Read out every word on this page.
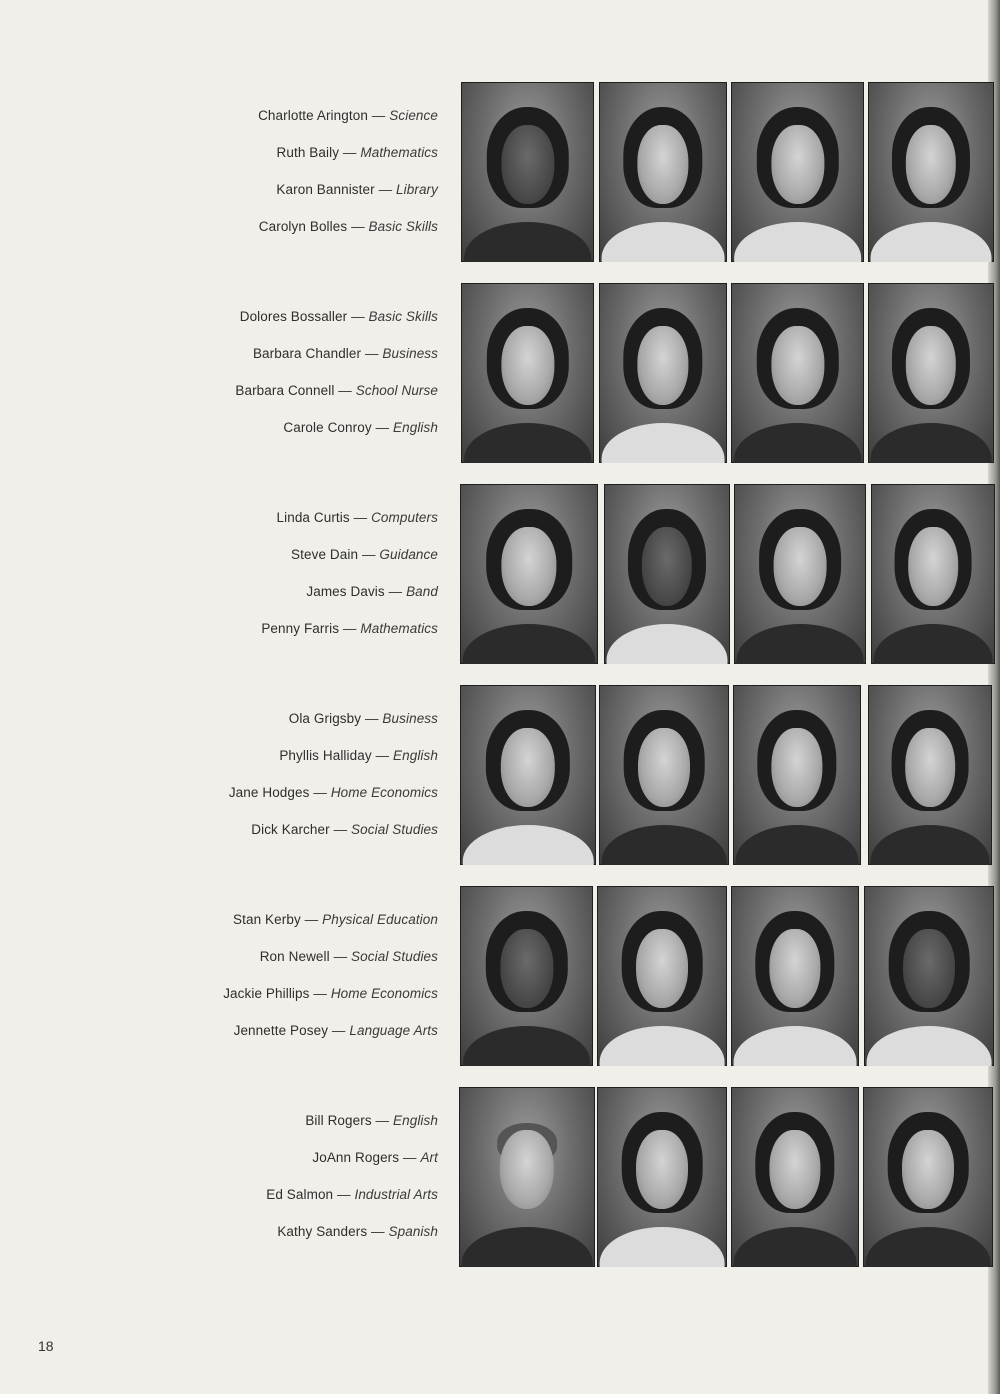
Charlotte Arington — Science
Ruth Baily — Mathematics
Karon Bannister — Library
Carolyn Bolles — Basic Skills
Dolores Bossaller — Basic Skills
Barbara Chandler — Business
Barbara Connell — School Nurse
Carole Conroy — English
Linda Curtis — Computers
Steve Dain — Guidance
James Davis — Band
Penny Farris — Mathematics
Ola Grigsby — Business
Phyllis Halliday — English
Jane Hodges — Home Economics
Dick Karcher — Social Studies
Stan Kerby — Physical Education
Ron Newell — Social Studies
Jackie Phillips — Home Economics
Jennette Posey — Language Arts
Bill Rogers — English
JoAnn Rogers — Art
Ed Salmon — Industrial Arts
Kathy Sanders — Spanish
18
